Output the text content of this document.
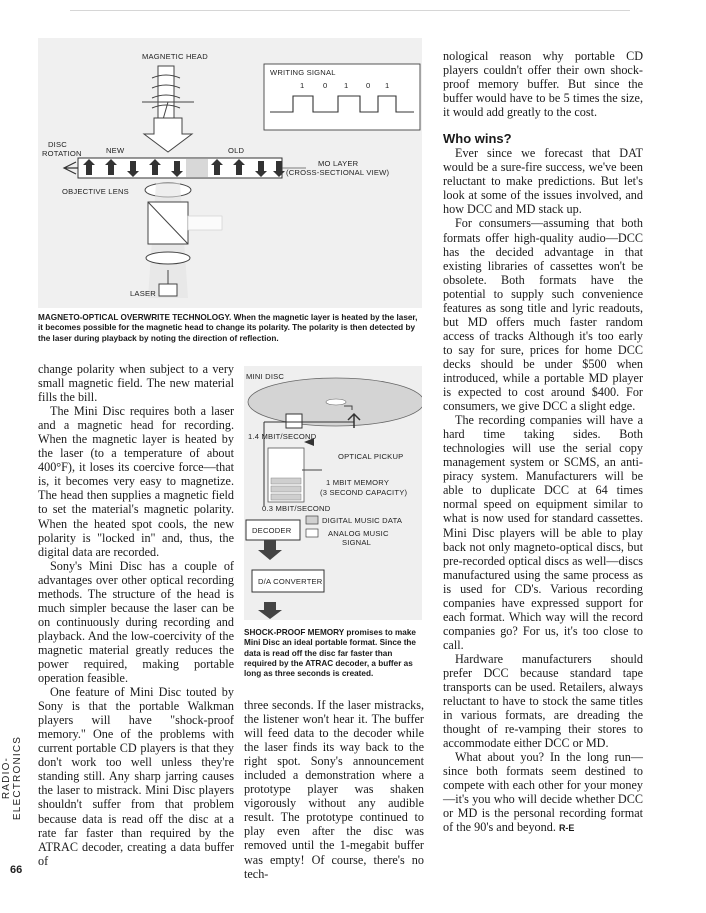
MAGNETIC HEAD
WRITING SIGNAL
1 0 1 0 1
DISC
ROTATION	NEW	OLD
MO LAYER
(CROSS-SECTIONAL VIEW)
OBJECTIVE LENS
LASER

MAGNETO-OPTICAL OVERWRITE TECHNOLOGY. When the magnetic layer is heated by the laser, it becomes possible for the magnetic head to change its polarity. The polarity is then detected by the laser during playback by noting the direction of reflection.

MINI DISC
1.4 MBIT/SECOND
OPTICAL PICKUP
1 MBIT MEMORY
(3 SECOND CAPACITY)
0.3 MBIT/SECOND
DIGITAL MUSIC DATA
ANALOG MUSIC
SIGNAL
DECODER
D/A CONVERTER

SHOCK-PROOF MEMORY promises to make Mini Disc an ideal portable format. Since the data is read off the disc far faster than required by the ATRAC decoder, a buffer as long as three seconds is created.

change polarity when subject to a very small magnetic field. The new material fills the bill.

The Mini Disc requires both a laser and a magnetic head for recording. When the magnetic layer is heated by the laser (to a temperature of about 400°F), it loses its coercive force—that is, it becomes very easy to magnetize. The head then supplies a magnetic field to set the material's magnetic polarity. When the heated spot cools, the new polarity is "locked in" and, thus, the digital data are recorded.

Sony's Mini Disc has a couple of advantages over other optical recording methods. The structure of the head is much simpler because the laser can be on continuously during recording and playback. And the low-coercivity of the magnetic material greatly reduces the power required, making portable operation feasible.

One feature of Mini Disc touted by Sony is that the portable Walkman players will have "shock-proof memory." One of the problems with current portable CD players is that they don't work too well unless they're standing still. Any sharp jarring causes the laser to mistrack. Mini Disc players shouldn't suffer from that problem because data is read off the disc at a rate far faster than required by the ATRAC decoder, creating a data buffer of

three seconds. If the laser mistracks, the listener won't hear it. The buffer will feed data to the decoder while the laser finds its way back to the right spot. Sony's announcement included a demonstration where a prototype player was shaken vigorously without any audible result. The prototype continued to play even after the disc was removed until the 1-megabit buffer was empty! Of course, there's no tech-

nological reason why portable CD players couldn't offer their own shock-proof memory buffer. But since the buffer would have to be 5 times the size, it would add greatly to the cost.

Who wins?

Ever since we forecast that DAT would be a sure-fire success, we've been reluctant to make predictions. But let's look at some of the issues involved, and how DCC and MD stack up.

For consumers—assuming that both formats offer high-quality audio—DCC has the decided advantage in that existing libraries of cassettes won't be obsolete. Both formats have the potential to supply such convenience features as song title and lyric readouts, but MD offers much faster random access of tracks Although it's too early to say for sure, prices for home DCC decks should be under $500 when introduced, while a portable MD player is expected to cost around $400. For consumers, we give DCC a slight edge.

The recording companies will have a hard time taking sides. Both technologies will use the serial copy management system or SCMS, an anti-piracy system. Manufacturers will be able to duplicate DCC at 64 times normal speed on equipment similar to what is now used for standard cassettes. Mini Disc players will be able to play back not only magneto-optical discs, but pre-recorded optical discs as well—discs manufactured using the same process as is used for CD's. Various recording companies have expressed support for each format. Which way will the record companies go? For us, it's too close to call.

Hardware manufacturers should prefer DCC because standard tape transports can be used. Retailers, always reluctant to have to stock the same titles in various formats, are dreading the thought of re-vamping their stores to accommodate either DCC or MD.

What about you? In the long run—since both formats seem destined to compete with each other for your money—it's you who will decide whether DCC or MD is the personal recording format of the 90's and beyond. R-E

RADIO-ELECTRONICS
66
